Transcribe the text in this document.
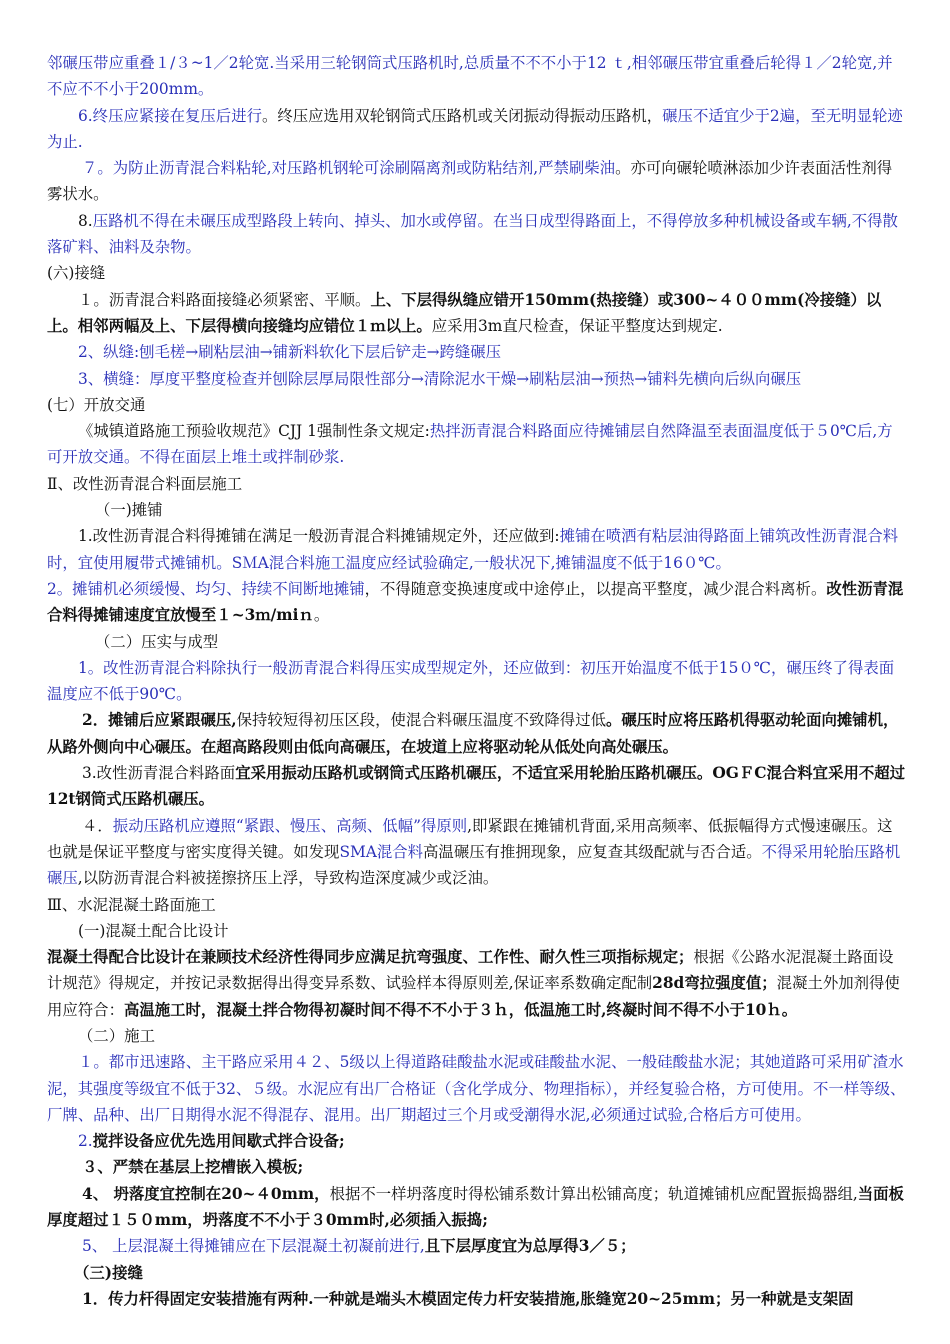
邻碾压带应重叠１/３~1／2轮宽.当采用三轮钢筒式压路机时,总质量不不不小于12 ｔ,相邻碾压带宜重叠后轮得１／2轮宽,并不应不不小于200mm。

6.终压应紧接在复压后进行。终压应选用双轮钢筒式压路机或关闭振动得振动压路机，碾压不适宜少于2遍，至无明显轮迹为止.

７。为防止沥青混合料粘轮,对压路机钢轮可涂刷隔离剂或防粘结剂,严禁刷柴油。亦可向碾轮喷淋添加少许表面活性剂得雾状水。

8.压路机不得在未碾压成型路段上转向、掉头、加水或停留。在当日成型得路面上，不得停放多种机械设备或车辆,不得散落矿料、油料及杂物。

(六)接缝

１。沥青混合料路面接缝必须紧密、平顺。上、下层得纵缝应错开150mm(热接缝）或300~４００mm(冷接缝）以上。相邻两幅及上、下层得横向接缝均应错位１ｍ以上。应采用3m直尺检查，保证平整度达到规定.

2、纵缝:刨毛槎→刷粘层油→铺新料软化下层后铲走→跨缝碾压

3、横缝：厚度平整度检查并刨除层厚局限性部分→清除泥水干燥→刷粘层油→预热→铺料先横向后纵向碾压

(七）开放交通

《城镇道路施工预验收规范》CJJ 1强制性条文规定:热拌沥青混合料路面应待摊铺层自然降温至表面温度低于５0℃后,方可开放交通。不得在面层上堆土或拌制砂浆.

Ⅱ、改性沥青混合料面层施工

（一)摊铺

1.改性沥青混合料得摊铺在满足一般沥青混合料摊铺规定外，还应做到:摊铺在喷洒有粘层油得路面上铺筑改性沥青混合料时，宜使用履带式摊铺机。SＭA混合料施工温度应经试验确定,一般状况下,摊铺温度不低于16０℃。

2。摊铺机必须缓慢、均匀、持续不间断地摊铺，不得随意变换速度或中途停止，以提高平整度，减少混合料离析。改性沥青混合料得摊铺速度宜放慢至１~3ｍ/miｎ。

（二）压实与成型

1。改性沥青混合料除执行一般沥青混合料得压实成型规定外，还应做到：初压开始温度不低于15０℃，碾压终了得表面温度应不低于90℃。

2．摊铺后应紧跟碾压,保持较短得初压区段，使混合料碾压温度不致降得过低。碾压时应将压路机得驱动轮面向摊铺机，从路外侧向中心碾压。在超高路段则由低向高碾压，在坡道上应将驱动轮从低处向高处碾压。

3.改性沥青混合料路面宜采用振动压路机或钢筒式压路机碾压，不适宜采用轮胎压路机碾压。OGＦC混合料宜采用不超过12t钢筒式压路机碾压。

４．振动压路机应遵照“紧跟、慢压、高频、低幅”得原则,即紧跟在摊铺机背面,采用高频率、低振幅得方式慢速碾压。这也就是保证平整度与密实度得关键。如发现SMA混合料高温碾压有推拥现象，应复查其级配就与否合适。不得采用轮胎压路机碾压,以防沥青混合料被搓擦挤压上浮，导致构造深度减少或泛油。

Ⅲ、水泥混凝土路面施工

(一)混凝土配合比设计

混凝土得配合比设计在兼顾技术经济性得同步应满足抗弯强度、工作性、耐久性三项指标规定；根据《公路水泥混凝土路面设计规范》得规定，并按记录数据得出得变异系数、试验样本得原则差,保证率系数确定配制28d弯拉强度值；混凝土外加剂得使用应符合：高温施工时，混凝土拌合物得初凝时间不得不不小于３ｈ，低温施工时,终凝时间不得不小于10ｈ。

（二）施工

１。都市迅速路、主干路应采用４２、5级以上得道路硅酸盐水泥或硅酸盐水泥、一般硅酸盐水泥；其她道路可采用矿渣水泥，其强度等级宜不低于32、５级。水泥应有出厂合格证（含化学成分、物理指标），并经复验合格，方可使用。不一样等级、厂牌、品种、出厂日期得水泥不得混存、混用。出厂期超过三个月或受潮得水泥,必须通过试验,合格后方可使用。

2.搅拌设备应优先选用间歇式拌合设备;

３、严禁在基层上挖槽嵌入模板;

4、 坍落度宜控制在20~４0mm，根据不一样坍落度时得松铺系数计算出松铺高度；轨道摊铺机应配置振捣器组,当面板厚度超过１５０mm，坍落度不不小于３0mm时,必须插入振捣;

5、 上层混凝土得摊铺应在下层混凝土初凝前进行,且下层厚度宜为总厚得3／５；

（三)接缝

1．传力杆得固定安装措施有两种.一种就是端头木模固定传力杆安装措施,胀缝宽20~25mm；另一种就是支架固
